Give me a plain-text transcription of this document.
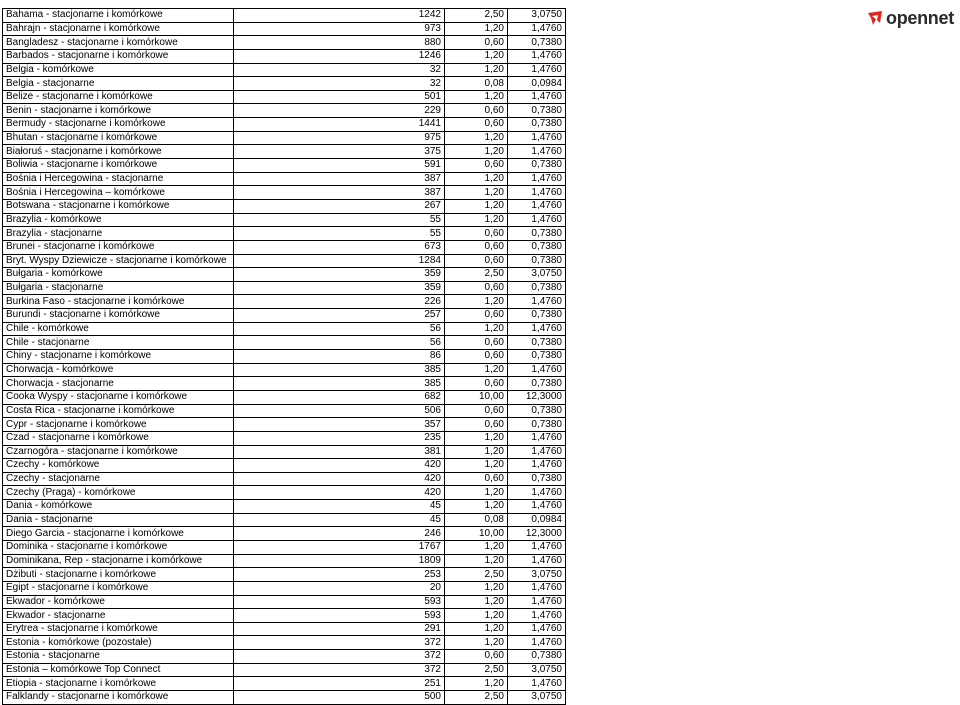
Bahama - stacjonarne i komórkowe	1242	2,50	3,0750
Bahrajn - stacjonarne i komórkowe	973	1,20	1,4760
Bangladesz - stacjonarne i komórkowe	880	0,60	0,7380
Barbados - stacjonarne i komórkowe	1246	1,20	1,4760
Belgia - komórkowe	32	1,20	1,4760
Belgia - stacjonarne	32	0,08	0,0984
Belize - stacjonarne i komórkowe	501	1,20	1,4760
Benin - stacjonarne i komórkowe	229	0,60	0,7380
Bermudy - stacjonarne i komórkowe	1441	0,60	0,7380
Bhutan - stacjonarne i komórkowe	975	1,20	1,4760
Białoruś - stacjonarne i komórkowe	375	1,20	1,4760
Boliwia - stacjonarne i komórkowe	591	0,60	0,7380
Bośnia i Hercegowina - stacjonarne	387	1,20	1,4760
Bośnia i Hercegowina – komórkowe	387	1,20	1,4760
Botswana - stacjonarne i komórkowe	267	1,20	1,4760
Brazylia - komórkowe	55	1,20	1,4760
Brazylia - stacjonarne	55	0,60	0,7380
Brunei - stacjonarne i komórkowe	673	0,60	0,7380
Bryt. Wyspy Dziewicze - stacjonarne i komórkowe	1284	0,60	0,7380
Bułgaria - komórkowe	359	2,50	3,0750
Bułgaria - stacjonarne	359	0,60	0,7380
Burkina Faso - stacjonarne i komórkowe	226	1,20	1,4760
Burundi - stacjonarne i komórkowe	257	0,60	0,7380
Chile - komórkowe	56	1,20	1,4760
Chile - stacjonarne	56	0,60	0,7380
Chiny - stacjonarne i komórkowe	86	0,60	0,7380
Chorwacja - komórkowe	385	1,20	1,4760
Chorwacja - stacjonarne	385	0,60	0,7380
Cooka Wyspy - stacjonarne i komórkowe	682	10,00	12,3000
Costa Rica - stacjonarne i komórkowe	506	0,60	0,7380
Cypr - stacjonarne i komórkowe	357	0,60	0,7380
Czad - stacjonarne i komórkowe	235	1,20	1,4760
Czarnogóra - stacjonarne i komórkowe	381	1,20	1,4760
Czechy - komórkowe	420	1,20	1,4760
Czechy - stacjonarne	420	0,60	0,7380
Czechy (Praga) - komórkowe	420	1,20	1,4760
Dania - komórkowe	45	1,20	1,4760
Dania - stacjonarne	45	0,08	0,0984
Diego Garcia - stacjonarne i komórkowe	246	10,00	12,3000
Dominika - stacjonarne i komórkowe	1767	1,20	1,4760
Dominikana, Rep - stacjonarne i komórkowe	1809	1,20	1,4760
Dżibuti - stacjonarne i komórkowe	253	2,50	3,0750
Egipt - stacjonarne i komórkowe	20	1,20	1,4760
Ekwador - komórkowe	593	1,20	1,4760
Ekwador - stacjonarne	593	1,20	1,4760
Erytrea - stacjonarne i komórkowe	291	1,20	1,4760
Estonia - komórkowe (pozostałe)	372	1,20	1,4760
Estonia - stacjonarne	372	0,60	0,7380
Estonia – komórkowe Top Connect	372	2,50	3,0750
Etiopia - stacjonarne i komórkowe	251	1,20	1,4760
Falklandy - stacjonarne i komórkowe	500	2,50	3,0750
opennet
